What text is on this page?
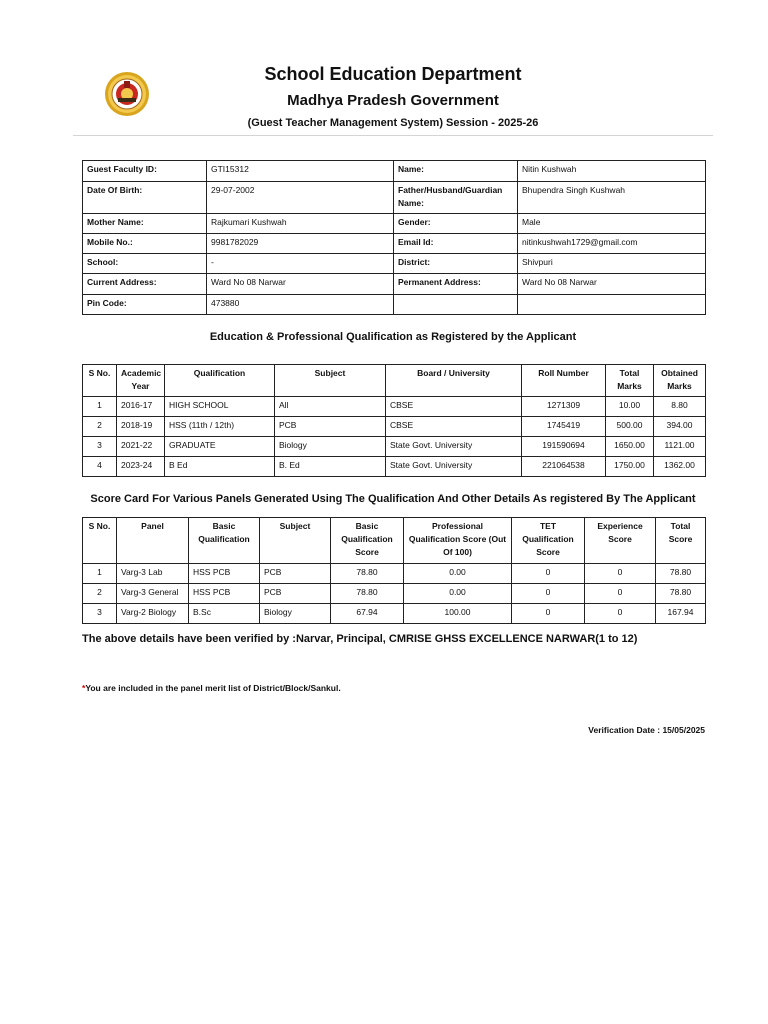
School Education Department
Madhya Pradesh Government
(Guest Teacher Management System) Session - 2025-26
Guest Faculty ID:	GTI15312	Name:	Nitin Kushwah
Date Of Birth:	29-07-2002	Father/Husband/Guardian Name:	Bhupendra Singh Kushwah
Mother Name:	Rajkumari Kushwah	Gender:	Male
Mobile No.:	9981782029	Email Id:	nitinkushwah1729@gmail.com
School:	-	District:	Shivpuri
Current Address:	Ward No 08 Narwar	Permanent Address:	Ward No 08 Narwar
Pin Code:	473880		
Education & Professional Qualification as Registered by the Applicant
S No.	Academic Year	Qualification	Subject	Board / University	Roll Number	Total Marks	Obtained Marks
1	2016-17	HIGH SCHOOL	All	CBSE	1271309	10.00	8.80
2	2018-19	HSS (11th / 12th)	PCB	CBSE	1745419	500.00	394.00
3	2021-22	GRADUATE	Biology	State Govt. University	191590694	1650.00	1121.00
4	2023-24	B Ed	B. Ed	State Govt. University	221064538	1750.00	1362.00
Score Card For Various Panels Generated Using The Qualification And Other Details As registered By The Applicant
S No.	Panel	Basic Qualification	Subject	Basic Qualification Score	Professional Qualification Score (Out Of 100)	TET Qualification Score	Experience Score	Total Score
1	Varg-3 Lab	HSS PCB	PCB	78.80	0.00	0	0	78.80
2	Varg-3 General	HSS PCB	PCB	78.80	0.00	0	0	78.80
3	Varg-2 Biology	B.Sc	Biology	67.94	100.00	0	0	167.94
The above details have been verified by :Narvar, Principal, CMRISE GHSS EXCELLENCE NARWAR(1 to 12)
*You are included in the panel merit list of District/Block/Sankul.
Verification Date : 15/05/2025
